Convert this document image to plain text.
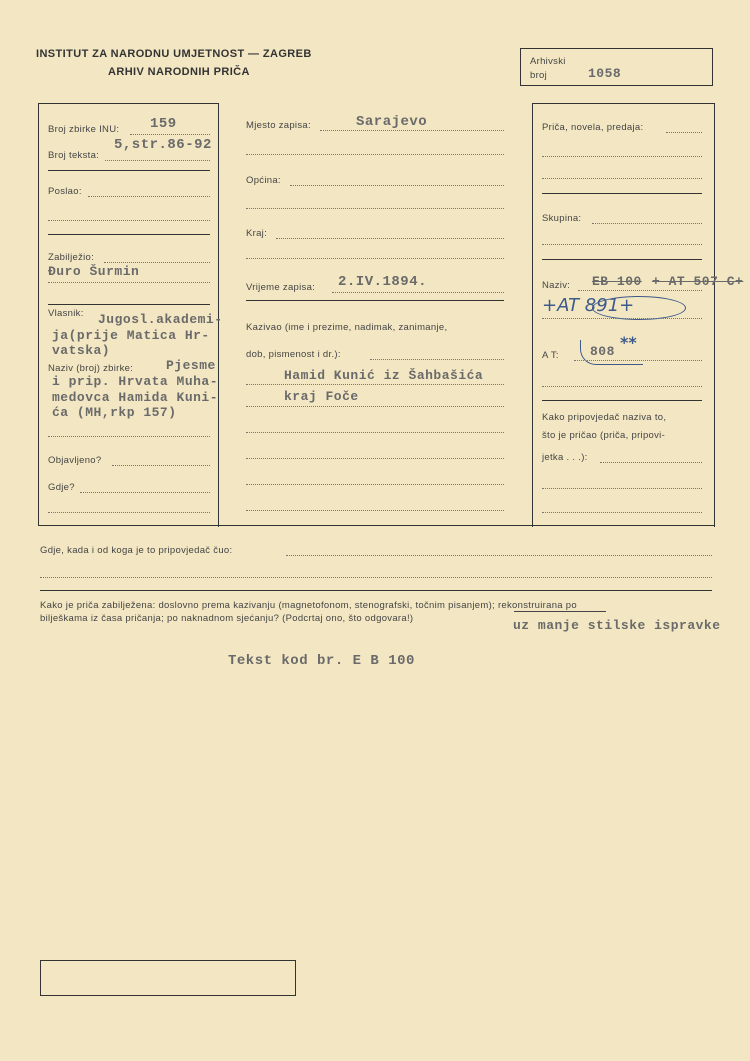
INSTITUT ZA NARODNU UMJETNOST — ZAGREB
ARHIV NARODNIH PRIČA
Arhivski
broj	1058
Broj zbirke INU: 159
Broj teksta:
5,str.86-92
Poslao:
Zabilježio:
Đuro Šurmin
Vlasnik: Jugosl.akademi-
ja(prije Matica Hr-
vatska)
Naziv (broj) zbirke:	Pjesme
i prip. Hrvata Muha-
medovca Hamida Kuni-
ća (MH,rkp 157)
Objavljeno?
Gdje?
Mjesto zapisa:	Sarajevo
Općina:
Kraj:
Vrijeme zapisa: 2.IV.1894.
Kazivao (ime i prezime, nadimak, zanimanje,
dob, pismenost i dr.):
Hamid Kunić iz Šahbašića
kraj Foče
Priča, novela, predaja:
Skupina:
Naziv: EB 100 + AT 507 C+
+AT 891+
A T: 808 **
Kako pripovjedač naziva to,
što je pričao (priča, pripovi-
jetka . . .):
Gdje, kada i od koga je to pripovjedač čuo:
Kako je priča zabilježena: doslovno prema kazivanju (magnetofonom, stenografski, točnim pisanjem); rekonstruirana po
bilješkama iz časa pričanja; po naknadnom sjećanju? (Podcrtaj ono, što odgovara!)	uz manje stilske ispravke
Tekst kod br. E B 100
